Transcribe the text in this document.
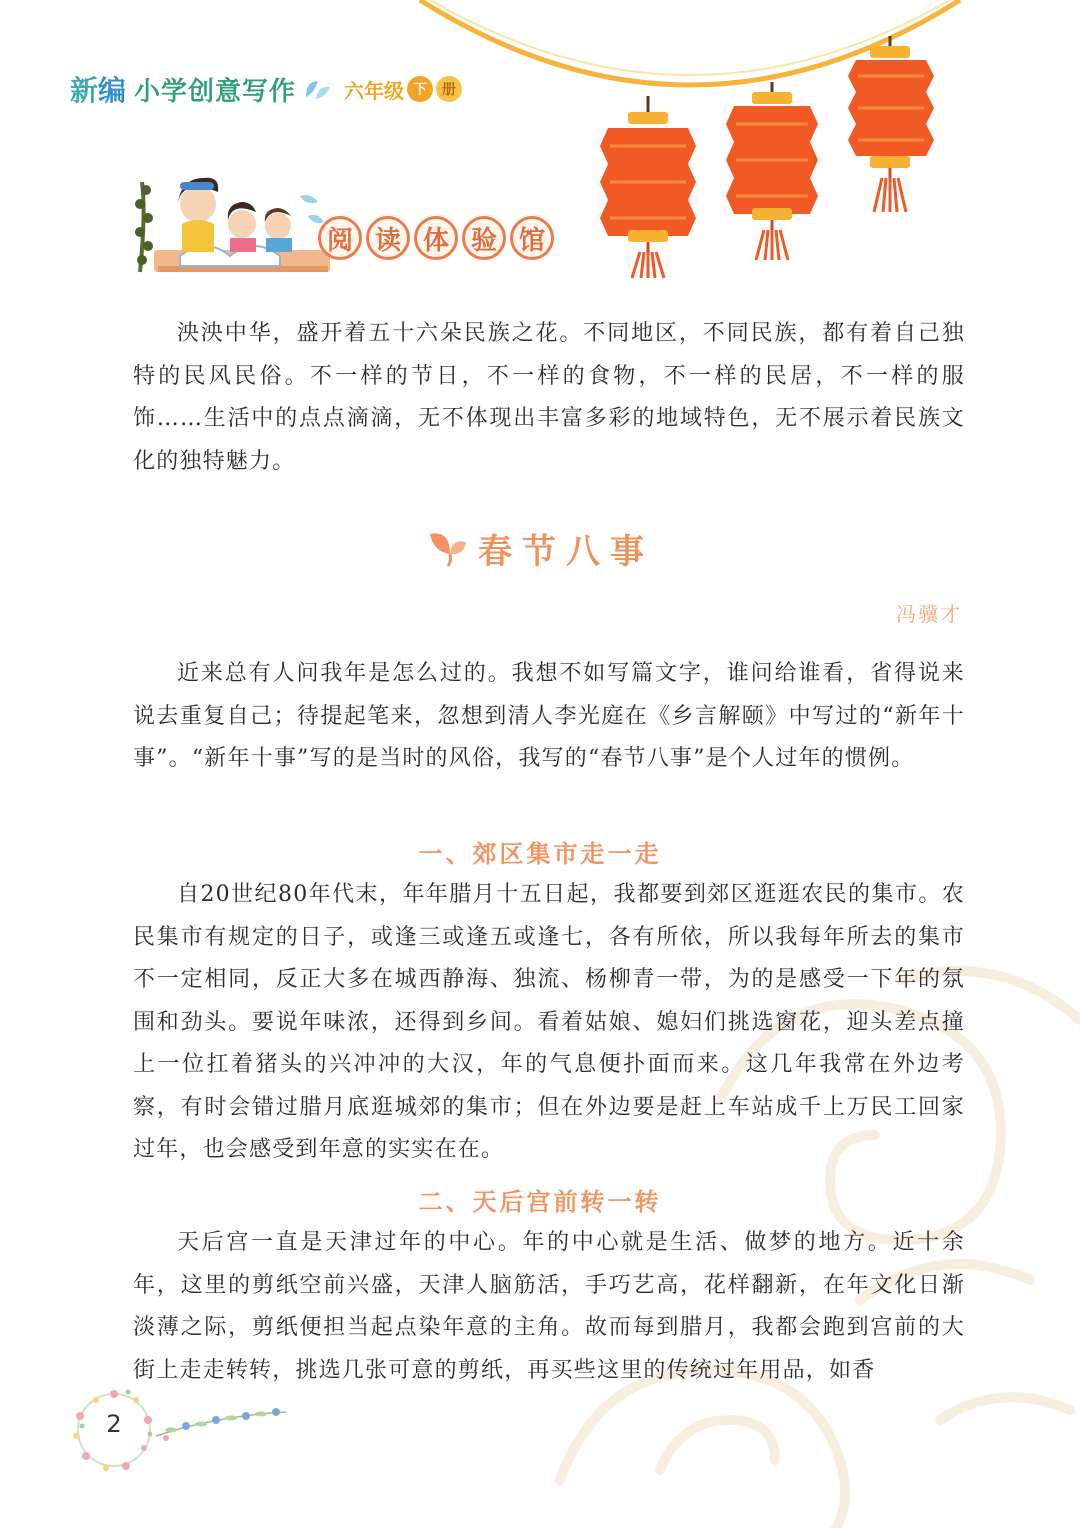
新 编 小学创意写作 六年级 下	册
阅 读 体 验 馆

泱泱中华，盛开着五十六朵民族之花。不同地区，不同民族，都有着自己独特的民风民俗。不一样的节日，不一样的食物，不一样的民居，不一样的服饰……生活中的点点滴滴，无不体现出丰富多彩的地域特色，无不展示着民族文化的独特魅力。

春节八事
冯骥才

近来总有人问我年是怎么过的。我想不如写篇文字，谁问给谁看，省得说来说去重复自己；待提起笔来，忽想到清人李光庭在《乡言解颐》中写过的“新年十事”。“新年十事”写的是当时的风俗，我写的“春节八事”是个人过年的惯例。

一、郊区集市走一走

自20世纪80年代末，年年腊月十五日起，我都要到郊区逛逛农民的集市。农民集市有规定的日子，或逢三或逢五或逢七，各有所依，所以我每年所去的集市不一定相同，反正大多在城西静海、独流、杨柳青一带，为的是感受一下年的氛围和劲头。要说年味浓，还得到乡间。看着姑娘、媳妇们挑选窗花，迎头差点撞上一位扛着猪头的兴冲冲的大汉，年的气息便扑面而来。这几年我常在外边考察，有时会错过腊月底逛城郊的集市；但在外边要是赶上车站成千上万民工回家过年，也会感受到年意的实实在在。

二、天后宫前转一转

天后宫一直是天津过年的中心。年的中心就是生活、做梦的地方。近十余年，这里的剪纸空前兴盛，天津人脑筋活，手巧艺高，花样翻新，在年文化日渐淡薄之际，剪纸便担当起点染年意的主角。故而每到腊月，我都会跑到宫前的大街上走走转转，挑选几张可意的剪纸，再买些这里的传统过年用品，如香

2
